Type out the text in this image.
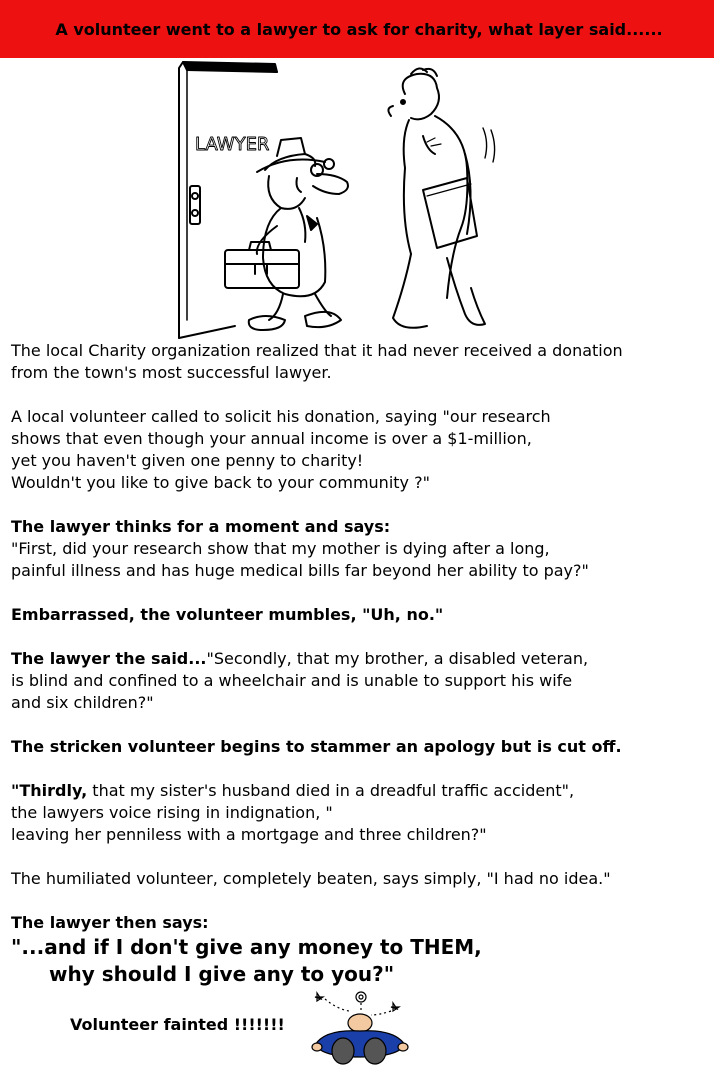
A volunteer went to a lawyer to ask for charity, what layer said......
LAWYER

The local Charity organization realized that it had never received a donation

from the town's most successful lawyer.

A local volunteer called to solicit his donation, saying "our research

shows that even though your annual income is over a $1-million,

yet you haven't given one penny to charity!

Wouldn't you like to give back to your community ?"

The lawyer thinks for a moment and says:

"First, did your research show that my mother is dying after a long,

painful illness and has huge medical bills far beyond her ability to pay?"

Embarrassed, the volunteer mumbles, "Uh, no."

The lawyer the said..."Secondly, that my brother, a disabled veteran,

is blind and confined to a wheelchair and is unable to support his wife

and six children?"

The stricken volunteer begins to stammer an apology but is cut off.

"Thirdly, that my sister's husband died in a dreadful traffic accident",

the lawyers voice rising in indignation, "

leaving her penniless with a mortgage and three children?"

The humiliated volunteer, completely beaten, says simply, "I had no idea."

The lawyer then says:

"...and if I don't give any money to THEM,

why should I give any to you?"

Volunteer fainted !!!!!!!
